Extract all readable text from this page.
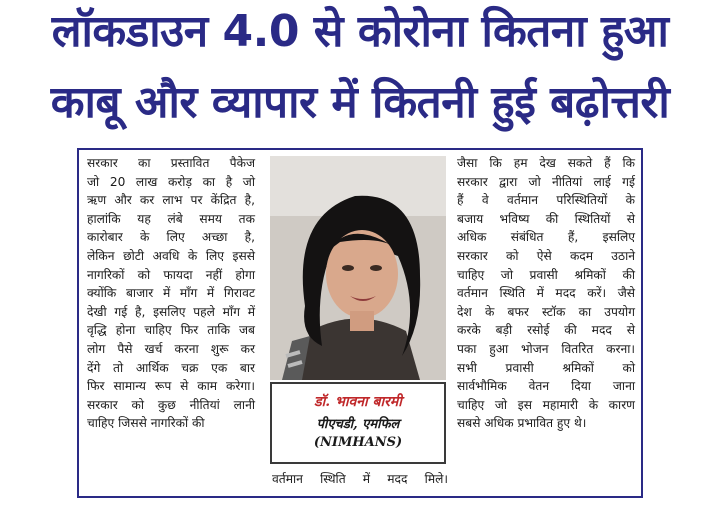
लॉकडाउन 4.0 से कोरोना कितना हुआ
काबू और व्यापार में कितनी हुई बढ़ोत्तरी
सरकार का प्रस्तावित पैकेज
जो 20 लाख करोड़ का है जो
ऋण और कर लाभ पर केंद्रित है,
हालांकि यह लंबे समय तक
कारोबार के लिए अच्छा है,
लेकिन छोटी अवधि के लिए इससे
नागरिकों को फायदा नहीं होगा
क्योंकि बाजार में माँग में गिरावट
देखी गई है, इसलिए पहले माँग में
वृद्धि होना चाहिए फिर ताकि जब
लोग पैसे खर्च करना शुरू कर
देंगे तो आर्थिक चक्र एक बार
फिर सामान्य रूप से काम करेगा।
सरकार को कुछ नीतियां लानी
चाहिए जिससे नागरिकों की
डॉ. भावना बारमी
पीएचडी, एमफिल
(NIMHANS)
वर्तमान स्थिति में मदद मिले।
जैसा कि हम देख सकते हैं कि
सरकार द्वारा जो नीतियां लाई गई
हैं वे वर्तमान परिस्थितियों के
बजाय भविष्य की स्थितियों से
अधिक संबंधित हैं, इसलिए
सरकार को ऐसे कदम उठाने
चाहिए जो प्रवासी श्रमिकों की
वर्तमान स्थिति में मदद करें। जैसे
देश के बफर स्टॉक का उपयोग
करके बड़ी रसोई की मदद से
पका हुआ भोजन वितरित करना।
सभी प्रवासी श्रमिकों को
सार्वभौमिक वेतन दिया जाना
चाहिए जो इस महामारी के कारण
सबसे अधिक प्रभावित हुए थे।
